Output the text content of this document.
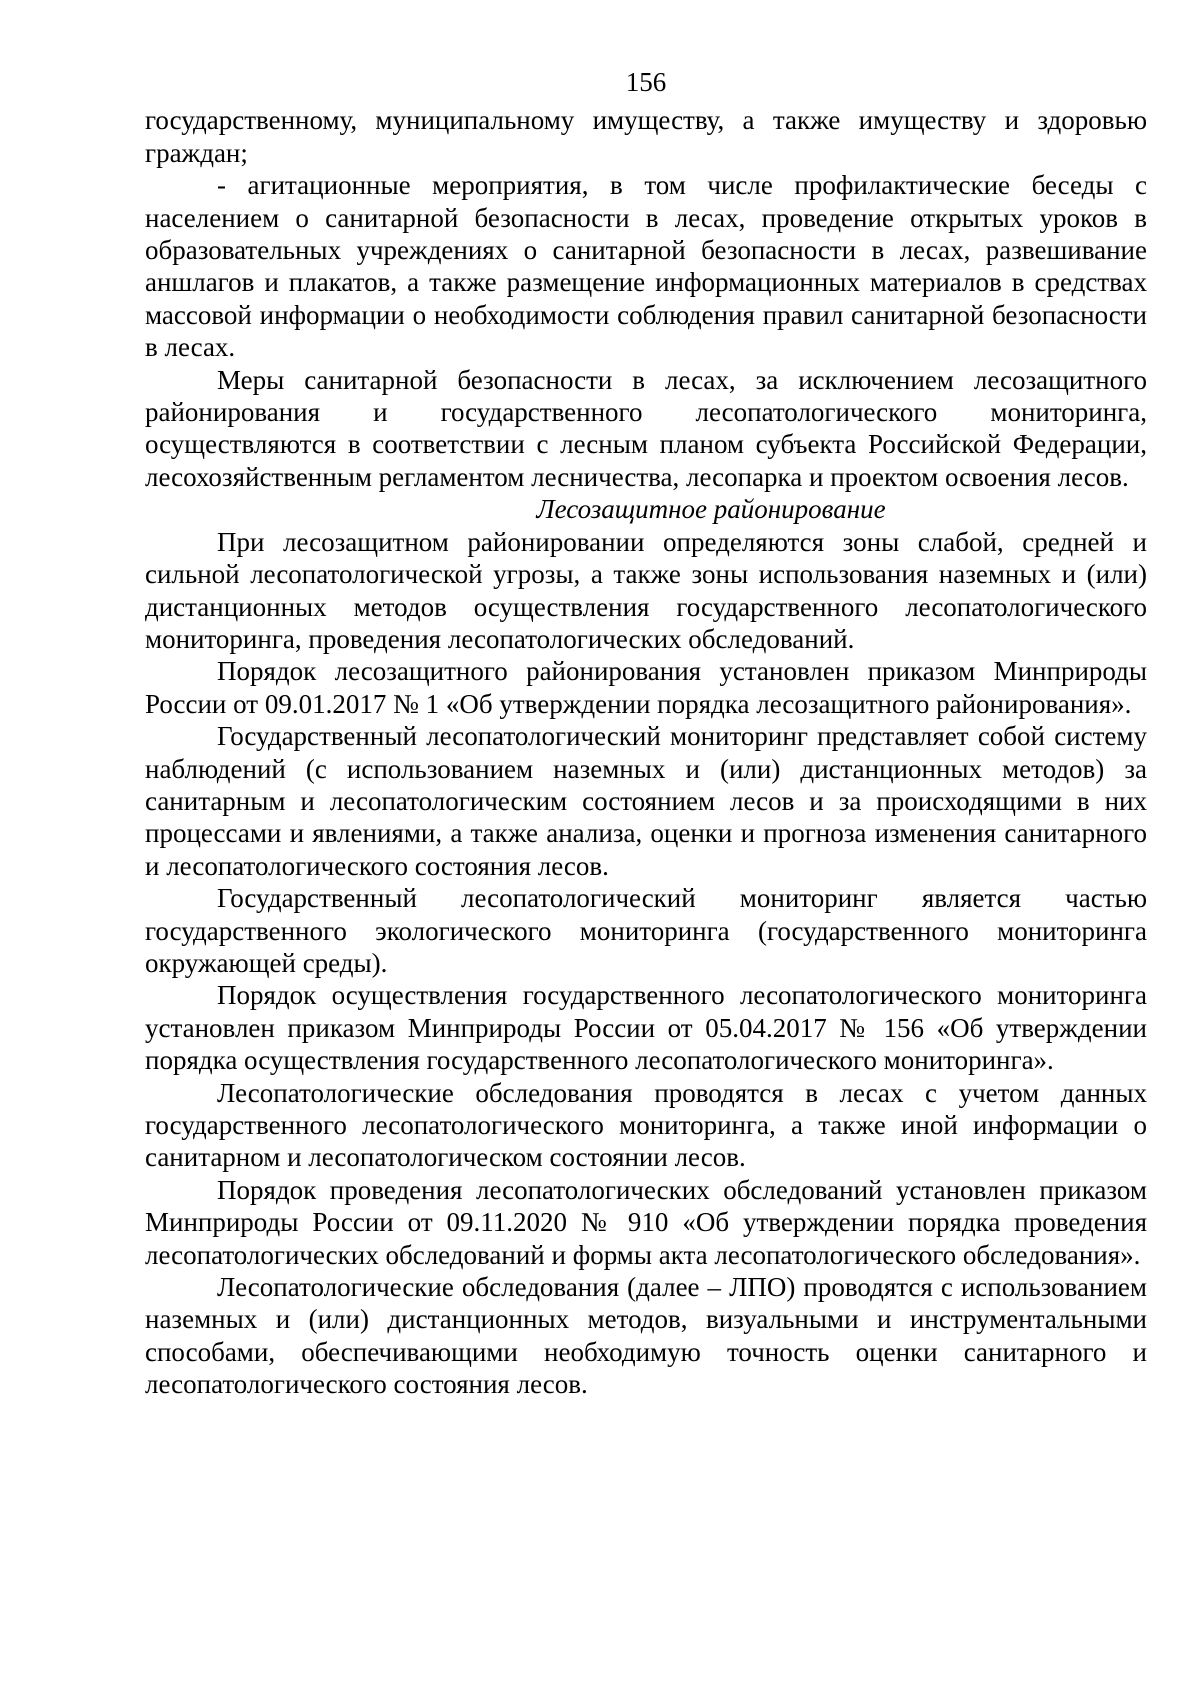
156

государственному, муниципальному имуществу, а также имуществу и здоровью граждан;

- агитационные мероприятия, в том числе профилактические беседы с населением о санитарной безопасности в лесах, проведение открытых уроков в образовательных учреждениях о санитарной безопасности в лесах, развешивание аншлагов и плакатов, а также размещение информационных материалов в средствах массовой информации о необходимости соблюдения правил санитарной безопасности в лесах.

Меры санитарной безопасности в лесах, за исключением лесозащитного районирования и государственного лесопатологического мониторинга, осуществляются в соответствии с лесным планом субъекта Российской Федерации, лесохозяйственным регламентом лесничества, лесопарка и проектом освоения лесов.

Лесозащитное районирование

При лесозащитном районировании определяются зоны слабой, средней и сильной лесопатологической угрозы, а также зоны использования наземных и (или) дистанционных методов осуществления государственного лесопатологического мониторинга, проведения лесопатологических обследований.

Порядок лесозащитного районирования установлен приказом Минприроды России от 09.01.2017 № 1 «Об утверждении порядка лесозащитного районирования».

Государственный лесопатологический мониторинг представляет собой систему наблюдений (с использованием наземных и (или) дистанционных методов) за санитарным и лесопатологическим состоянием лесов и за происходящими в них процессами и явлениями, а также анализа, оценки и прогноза изменения санитарного и лесопатологического состояния лесов.

Государственный лесопатологический мониторинг является частью государственного экологического мониторинга (государственного мониторинга окружающей среды).

Порядок осуществления государственного лесопатологического мониторинга установлен приказом Минприроды России от 05.04.2017 № 156 «Об утверждении порядка осуществления государственного лесопатологического мониторинга».

Лесопатологические обследования проводятся в лесах с учетом данных государственного лесопатологического мониторинга, а также иной информации о санитарном и лесопатологическом состоянии лесов.

Порядок проведения лесопатологических обследований установлен приказом Минприроды России от 09.11.2020 № 910 «Об утверждении порядка проведения лесопатологических обследований и формы акта лесопатологического обследования».

Лесопатологические обследования (далее – ЛПО) проводятся с использованием наземных и (или) дистанционных методов, визуальными и инструментальными способами, обеспечивающими необходимую точность оценки санитарного и лесопатологического состояния лесов.
